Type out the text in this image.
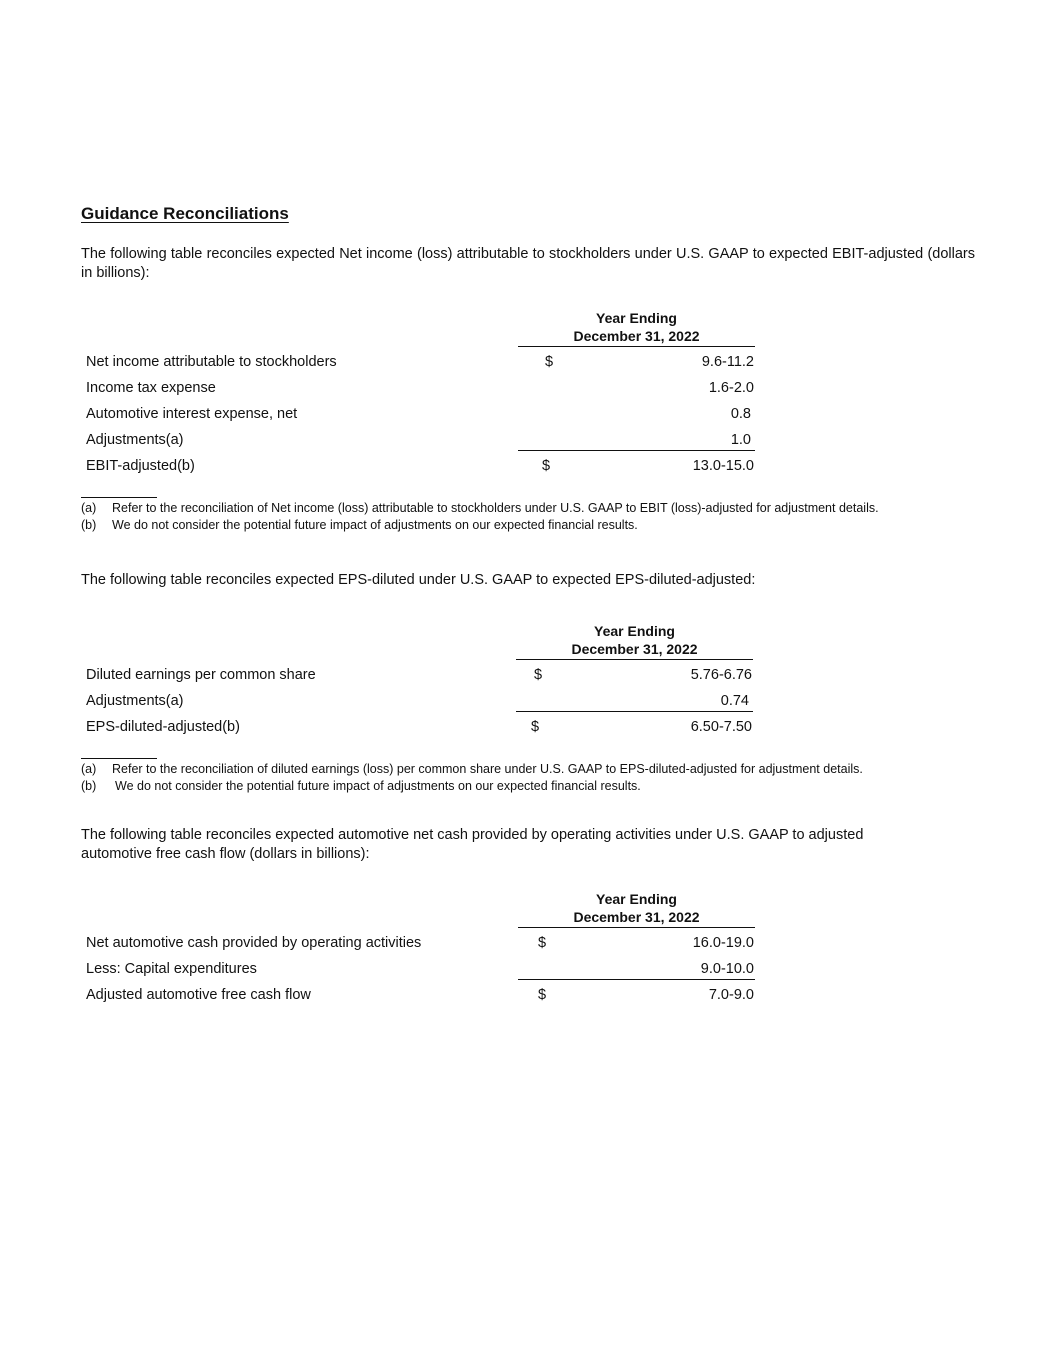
Guidance Reconciliations
The following table reconciles expected Net income (loss) attributable to stockholders under U.S. GAAP to expected EBIT-adjusted (dollars in billions):
Year Ending
December 31, 2022
Net income attributable to stockholders	$	9.6-11.2
Income tax expense	1.6-2.0
Automotive interest expense, net	0.8
Adjustments(a)	1.0
EBIT-adjusted(b)	$	13.0-15.0
(a) Refer to the reconciliation of Net income (loss) attributable to stockholders under U.S. GAAP to EBIT (loss)-adjusted for adjustment details.
(b) We do not consider the potential future impact of adjustments on our expected financial results.
The following table reconciles expected EPS-diluted under U.S. GAAP to expected EPS-diluted-adjusted:
Year Ending
December 31, 2022
Diluted earnings per common share	$	5.76-6.76
Adjustments(a)	0.74
EPS-diluted-adjusted(b)	$	6.50-7.50
(a) Refer to the reconciliation of diluted earnings (loss) per common share under U.S. GAAP to EPS-diluted-adjusted for adjustment details.
(b) We do not consider the potential future impact of adjustments on our expected financial results.
The following table reconciles expected automotive net cash provided by operating activities under U.S. GAAP to adjusted
automotive free cash flow (dollars in billions):
Year Ending
December 31, 2022
Net automotive cash provided by operating activities	$	16.0-19.0
Less: Capital expenditures	9.0-10.0
Adjusted automotive free cash flow	$	7.0-9.0
